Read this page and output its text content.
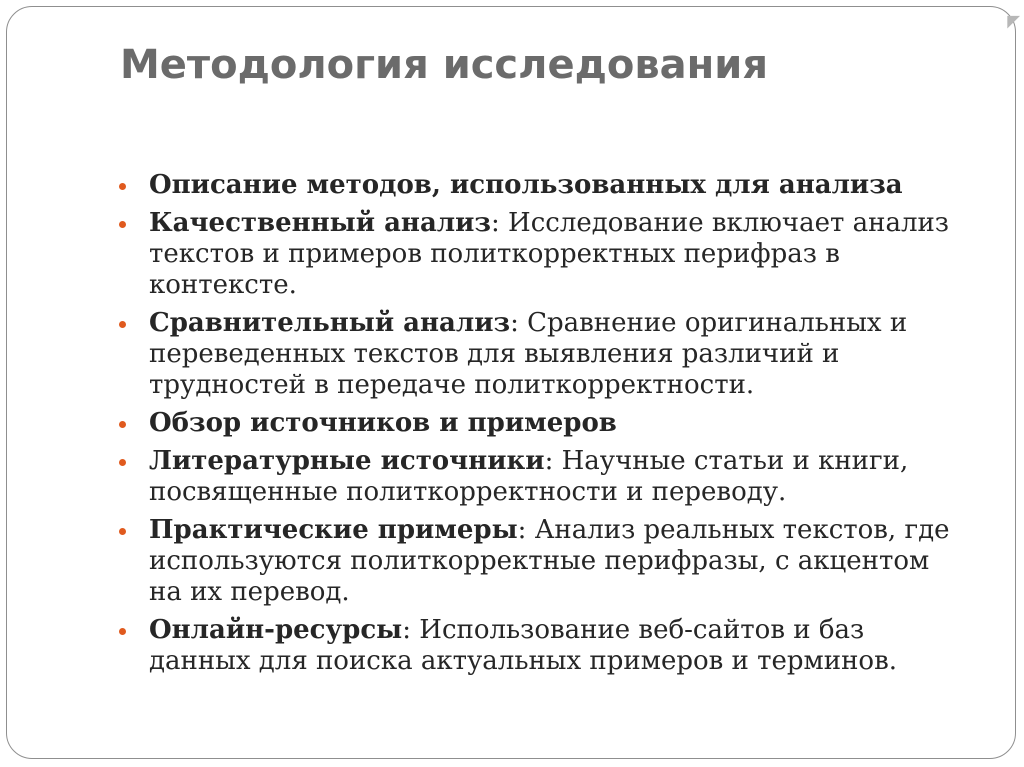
Методология исследования
Описание методов, использованных для анализа
Качественный анализ: Исследование включает анализ текстов и примеров политкорректных перифраз в контексте.
Сравнительный анализ: Сравнение оригинальных и переведенных текстов для выявления различий и трудностей в передаче политкорректности.
Обзор источников и примеров
Литературные источники: Научные статьи и книги, посвященные политкорректности и переводу.
Практические примеры: Анализ реальных текстов, где используются политкорректные перифразы, с акцентом на их перевод.
Онлайн-ресурсы: Использование веб-сайтов и баз данных для поиска актуальных примеров и терминов.
